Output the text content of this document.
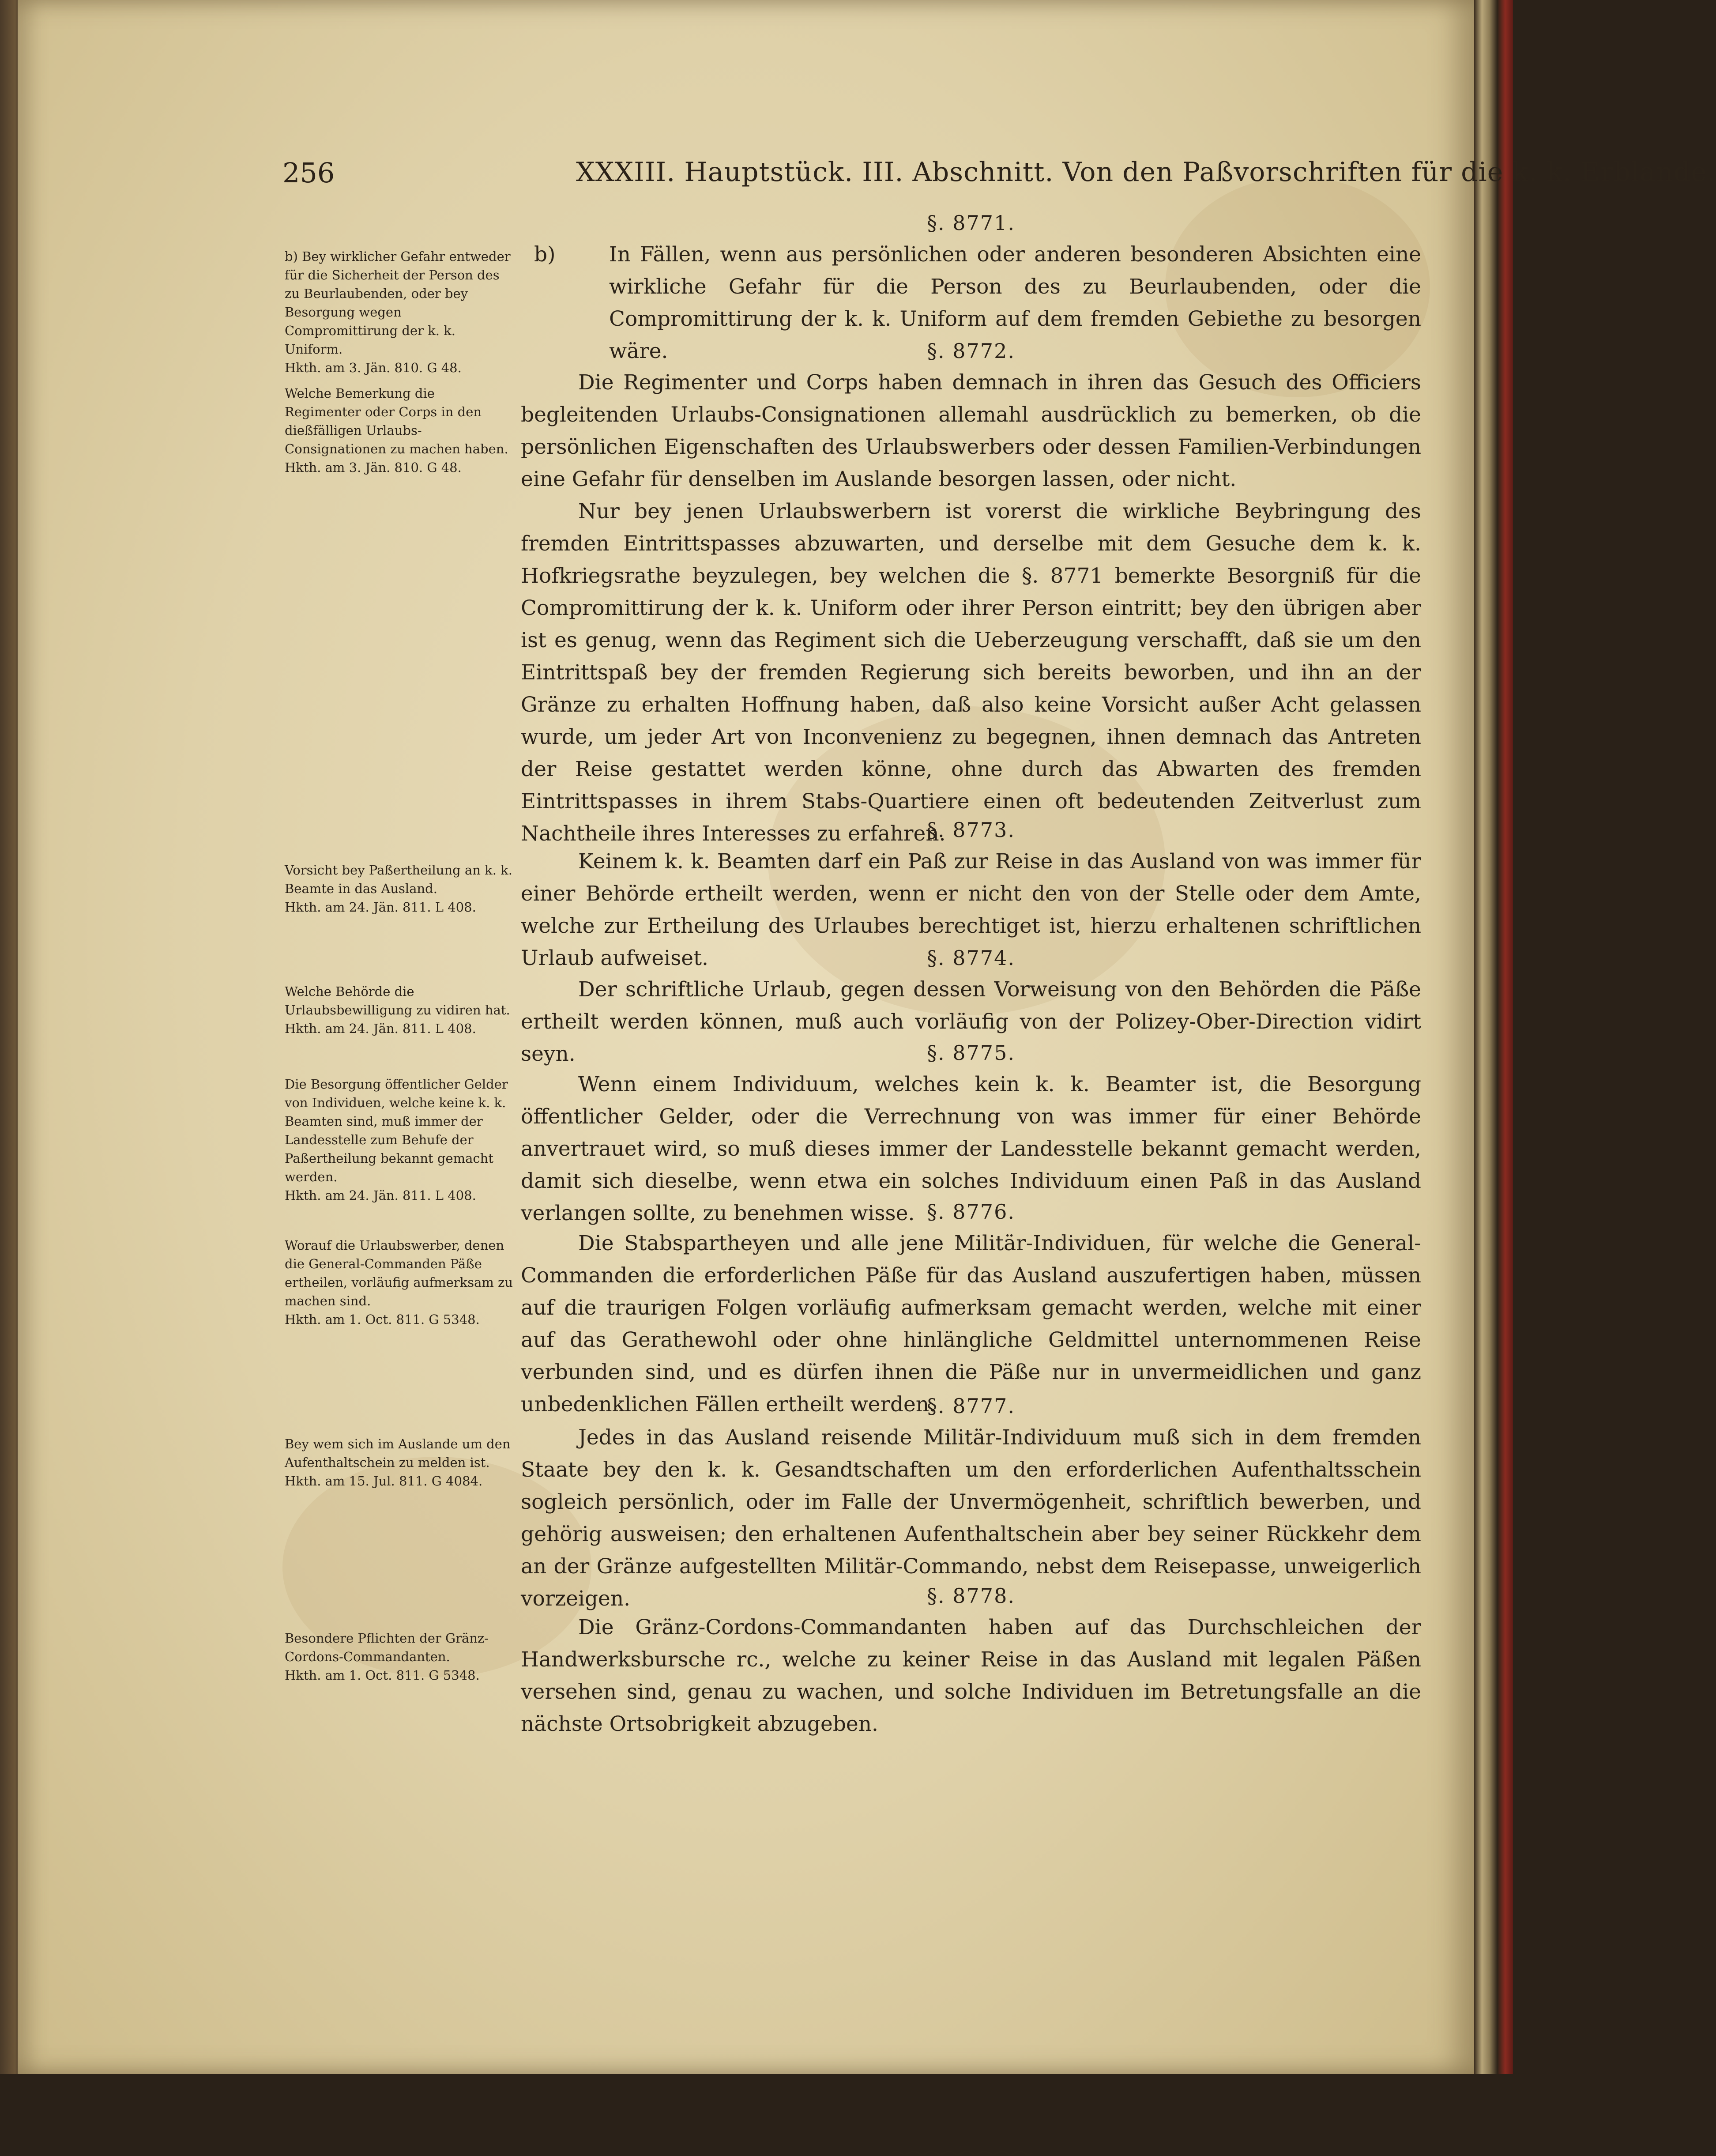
256	XXXIII. Hauptstück. III. Abschnitt. Von den Paßvorschriften für die k. k. Erblande.
b) Bey wirklicher Gefahr entweder für die Sicherheit der Person des zu Beurlaubenden, oder bey Besorgung wegen Compromittirung der k. k. Uniform.
Hkth. am 3. Jän. 810. G 48.
Welche Bemerkung die Regimenter oder Corps in den dießfälligen Urlaubs-Consignationen zu machen haben.
Hkth. am 3. Jän. 810. G 48.
Vorsicht bey Paßertheilung an k. k. Beamte in das Ausland.
Hkth. am 24. Jän. 811. L 408.
Welche Behörde die Urlaubsbewilligung zu vidiren hat.
Hkth. am 24. Jän. 811. L 408.
Die Besorgung öffentlicher Gelder von Individuen, welche keine k. k. Beamten sind, muß immer der Landesstelle zum Behufe der Paßertheilung bekannt gemacht werden.
Hkth. am 24. Jän. 811. L 408.
Worauf die Urlaubswerber, denen die General-Commanden Päße ertheilen, vorläufig aufmerksam zu machen sind.
Hkth. am 1. Oct. 811. G 5348.
Bey wem sich im Auslande um den Aufenthaltschein zu melden ist.
Hkth. am 15. Jul. 811. G 4084.
Besondere Pflichten der Gränz-Cordons-Commandanten.
Hkth. am 1. Oct. 811. G 5348.
§. 8771.

b)	In Fällen, wenn aus persönlichen oder anderen besonderen Absichten eine wirkliche Gefahr für die Person des zu Beurlaubenden, oder die Compromittirung der k. k. Uniform auf dem fremden Gebiethe zu besorgen wäre.	§. 8772.

Die Regimenter und Corps haben demnach in ihren das Gesuch des Officiers begleitenden Urlaubs-Consignationen allemahl ausdrücklich zu bemerken, ob die persönlichen Eigenschaften des Urlaubswerbers oder dessen Familien-Verbindungen eine Gefahr für denselben im Auslande besorgen lassen, oder nicht.

Nur bey jenen Urlaubswerbern ist vorerst die wirkliche Beybringung des fremden Eintrittspasses abzuwarten, und derselbe mit dem Gesuche dem k. k. Hofkriegsrathe beyzulegen, bey welchen die §. 8771 bemerkte Besorgniß für die Compromittirung der k. k. Uniform oder ihrer Person eintritt; bey den übrigen aber ist es genug, wenn das Regiment sich die Ueberzeugung verschafft, daß sie um den Eintrittspaß bey der fremden Regierung sich bereits beworben, und ihn an der Gränze zu erhalten Hoffnung haben, daß also keine Vorsicht außer Acht gelassen wurde, um jeder Art von Inconvenienz zu begegnen, ihnen demnach das Antreten der Reise gestattet werden könne, ohne durch das Abwarten des fremden Eintrittspasses in ihrem Stabs-Quartiere einen oft bedeutenden Zeitverlust zum Nachtheile ihres Interesses zu erfahren.

§. 8773.

Keinem k. k. Beamten darf ein Paß zur Reise in das Ausland von was immer für einer Behörde ertheilt werden, wenn er nicht den von der Stelle oder dem Amte, welche zur Ertheilung des Urlaubes berechtiget ist, hierzu erhaltenen schriftlichen Urlaub aufweiset.	§. 8774.

Der schriftliche Urlaub, gegen dessen Vorweisung von den Behörden die Päße ertheilt werden können, muß auch vorläufig von der Polizey-Ober-Direction vidirt seyn.	§. 8775.

Wenn einem Individuum, welches kein k. k. Beamter ist, die Besorgung öffentlicher Gelder, oder die Verrechnung von was immer für einer Behörde anvertrauet wird, so muß dieses immer der Landesstelle bekannt gemacht werden, damit sich dieselbe, wenn etwa ein solches Individuum einen Paß in das Ausland verlangen sollte, zu benehmen wisse. §. 8776.

Die Stabspartheyen und alle jene Militär-Individuen, für welche die General-Commanden die erforderlichen Päße für das Ausland auszufertigen haben, müssen auf die traurigen Folgen vorläufig aufmerksam gemacht werden, welche mit einer auf das Gerathewohl oder ohne hinlängliche Geldmittel unternommenen Reise verbunden sind, und es dürfen ihnen die Päße nur in unvermeidlichen und ganz unbedenklichen Fällen ertheilt werden.

§. 8777.

Jedes in das Ausland reisende Militär-Individuum muß sich in dem fremden Staate bey den k. k. Gesandtschaften um den erforderlichen Aufenthaltsschein sogleich persönlich, oder im Falle der Unvermögenheit, schriftlich bewerben, und gehörig ausweisen; den erhaltenen Aufenthaltschein aber bey seiner Rückkehr dem an der Gränze aufgestellten Militär-Commando, nebst dem Reisepasse, unweigerlich vorzeigen.	§. 8778.

Die Gränz-Cordons-Commandanten haben auf das Durchschleichen der Handwerksbursche rc., welche zu keiner Reise in das Ausland mit legalen Päßen versehen sind, genau zu wachen, und solche Individuen im Betretungsfalle an die nächste Ortsobrigkeit abzugeben.
